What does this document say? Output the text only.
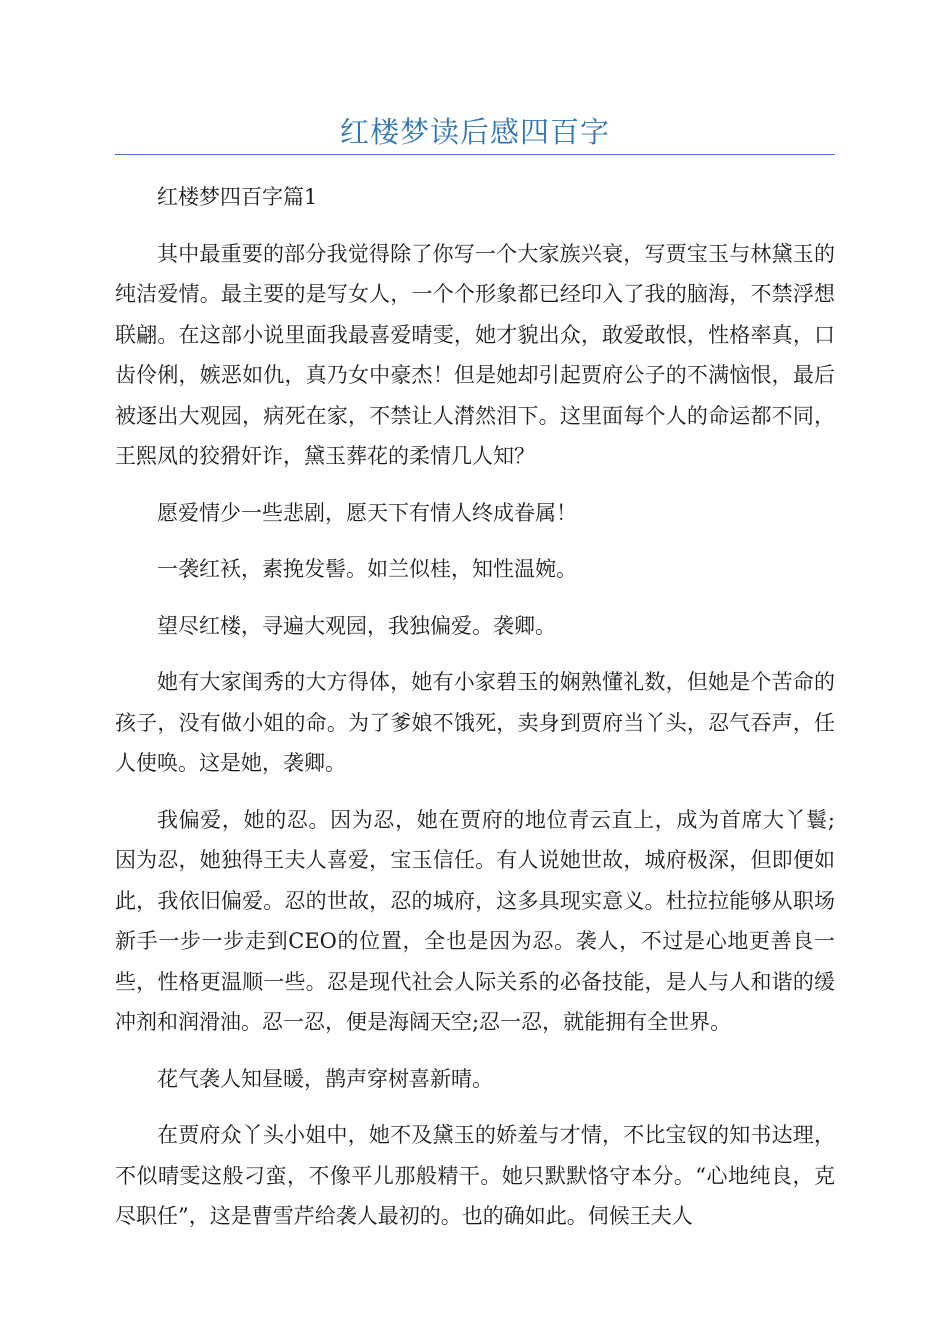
红楼梦读后感四百字

红楼梦四百字篇1

其中最重要的部分我觉得除了你写一个大家族兴衰，写贾宝玉与林黛玉的纯洁爱情。最主要的是写女人，一个个形象都已经印入了我的脑海，不禁浮想联翩。在这部小说里面我最喜爱晴雯，她才貌出众，敢爱敢恨，性格率真，口齿伶俐，嫉恶如仇，真乃女中豪杰！但是她却引起贾府公子的不满恼恨，最后被逐出大观园，病死在家，不禁让人潸然泪下。这里面每个人的命运都不同，王熙凤的狡猾奸诈，黛玉葬花的柔情几人知？

愿爱情少一些悲剧，愿天下有情人终成眷属！

一袭红袄，素挽发髻。如兰似桂，知性温婉。

望尽红楼，寻遍大观园，我独偏爱。袭卿。

她有大家闺秀的大方得体，她有小家碧玉的娴熟懂礼数，但她是个苦命的孩子，没有做小姐的命。为了爹娘不饿死，卖身到贾府当丫头，忍气吞声，任人使唤。这是她，袭卿。

我偏爱，她的忍。因为忍，她在贾府的地位青云直上，成为首席大丫鬟;因为忍，她独得王夫人喜爱，宝玉信任。有人说她世故，城府极深，但即便如此，我依旧偏爱。忍的世故，忍的城府，这多具现实意义。杜拉拉能够从职场新手一步一步走到CEO的位置，全也是因为忍。袭人，不过是心地更善良一些，性格更温顺一些。忍是现代社会人际关系的必备技能，是人与人和谐的缓冲剂和润滑油。忍一忍，便是海阔天空;忍一忍，就能拥有全世界。

花气袭人知昼暖，鹊声穿树喜新晴。

在贾府众丫头小姐中，她不及黛玉的娇羞与才情，不比宝钗的知书达理，不似晴雯这般刁蛮，不像平儿那般精干。她只默默恪守本分。“心地纯良，克尽职任”，这是曹雪芹给袭人最初的。也的确如此。伺候王夫人
